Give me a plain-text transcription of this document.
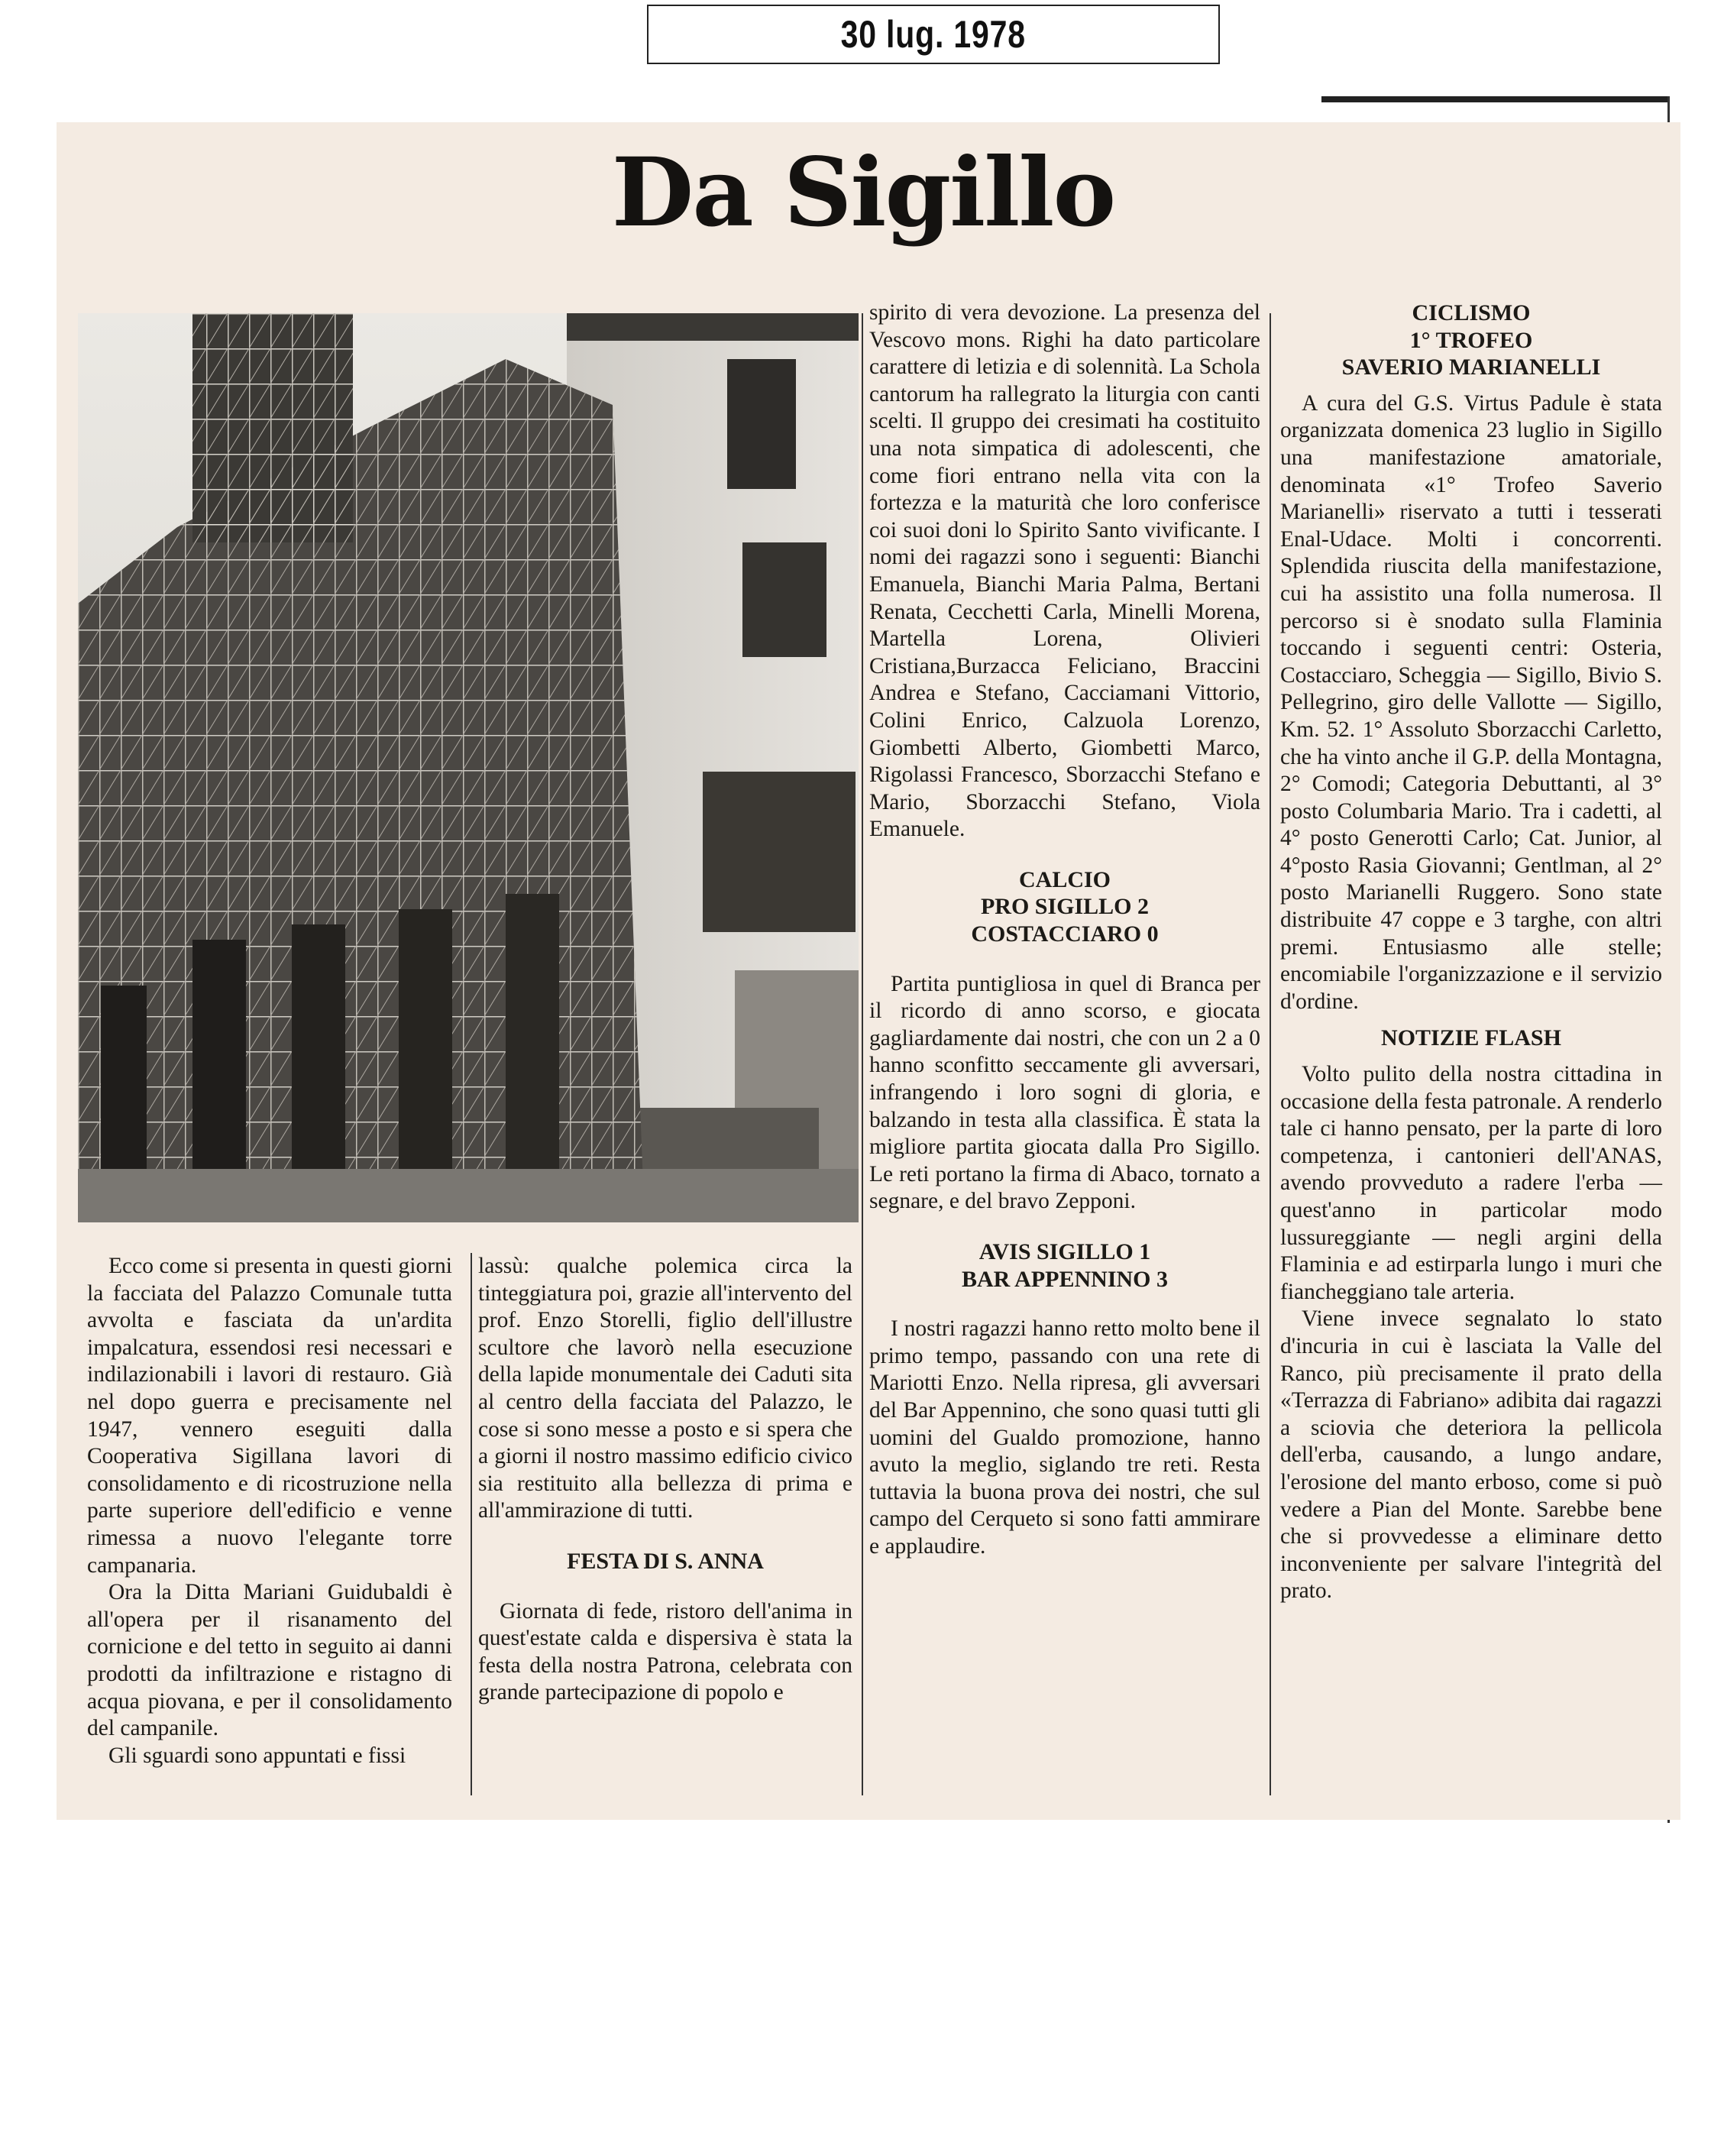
30 lug. 1978
Da Sigillo

Ecco come si presenta in questi giorni la facciata del Palazzo Comunale tutta avvolta e fasciata da un'ardita impalcatura, essendosi resi necessari e indilazionabili i lavori di restauro. Già nel dopo guerra e precisamente nel 1947, vennero eseguiti dalla Cooperativa Sigillana lavori di consolidamento e di ricostruzione nella parte superiore dell'edificio e venne rimessa a nuovo l'elegante torre campanaria.

Ora la Ditta Mariani Guidubaldi è all'opera per il risanamento del cornicione e del tetto in seguito ai danni prodotti da infiltrazione e ristagno di acqua piovana, e per il consolidamento del campanile.

Gli sguardi sono appuntati e fissi

lassù: qualche polemica circa la tinteggiatura poi, grazie all'intervento del prof. Enzo Storelli, figlio dell'illustre scultore che lavorò nella esecuzione della lapide monumentale dei Caduti sita al centro della facciata del Palazzo, le cose si sono messe a posto e si spera che a giorni il nostro massimo edificio civico sia restituito alla bellezza di prima e all'ammirazione di tutti.

FESTA DI S. ANNA

Giornata di fede, ristoro dell'anima in quest'estate calda e dispersiva è stata la festa della nostra Patrona, celebrata con grande partecipazione di popolo e

spirito di vera devozione. La presenza del Vescovo mons. Righi ha dato particolare carattere di letizia e di solennità. La Schola cantorum ha rallegrato la liturgia con canti scelti. Il gruppo dei cresimati ha costituito una nota simpatica di adolescenti, che come fiori entrano nella vita con la fortezza e la maturità che loro conferisce coi suoi doni lo Spirito Santo vivificante. I nomi dei ragazzi sono i seguenti: Bianchi Emanuela, Bianchi Maria Palma, Bertani Renata, Cecchetti Carla, Minelli Morena, Martella Lorena, Olivieri Cristiana,Burzacca Feliciano, Braccini Andrea e Stefano, Cacciamani Vittorio, Colini Enrico, Calzuola Lorenzo, Giombetti Alberto, Giombetti Marco, Rigolassi Francesco, Sborzacchi Stefano e Mario, Sborzacchi Stefano, Viola Emanuele.

CALCIO
PRO SIGILLO 2
COSTACCIARO 0

Partita puntigliosa in quel di Branca per il ricordo di anno scorso, e giocata gagliardamente dai nostri, che con un 2 a 0 hanno sconfitto seccamente gli avversari, infrangendo i loro sogni di gloria, e balzando in testa alla classifica. È stata la migliore partita giocata dalla Pro Sigillo. Le reti portano la firma di Abaco, tornato a segnare, e del bravo Zepponi.

AVIS SIGILLO 1
BAR APPENNINO 3

I nostri ragazzi hanno retto molto bene il primo tempo, passando con una rete di Mariotti Enzo. Nella ripresa, gli avversari del Bar Appennino, che sono quasi tutti gli uomini del Gualdo promozione, hanno avuto la meglio, siglando tre reti. Resta tuttavia la buona prova dei nostri, che sul campo del Cerqueto si sono fatti ammirare e applaudire.

CICLISMO
1° TROFEO
SAVERIO MARIANELLI

A cura del G.S. Virtus Padule è stata organizzata domenica 23 luglio in Sigillo una manifestazione amatoriale, denominata «1° Trofeo Saverio Marianelli» riservato a tutti i tesserati Enal-Udace. Molti i concorrenti. Splendida riuscita della manifestazione, cui ha assistito una folla numerosa. Il percorso si è snodato sulla Flaminia toccando i seguenti centri: Osteria, Costacciaro, Scheggia — Sigillo, Bivio S. Pellegrino, giro delle Vallotte — Sigillo, Km. 52. 1° Assoluto Sborzacchi Carletto, che ha vinto anche il G.P. della Montagna, 2° Comodi; Categoria Debuttanti, al 3° posto Columbaria Mario. Tra i cadetti, al 4° posto Generotti Carlo; Cat. Junior, al 4°posto Rasia Giovanni; Gentlman, al 2° posto Marianelli Ruggero. Sono state distribuite 47 coppe e 3 targhe, con altri premi. Entusiasmo alle stelle; encomiabile l'organizzazione e il servizio d'ordine.

NOTIZIE FLASH

Volto pulito della nostra cittadina in occasione della festa patronale. A renderlo tale ci hanno pensato, per la parte di loro competenza, i cantonieri dell'ANAS, avendo provveduto a radere l'erba — quest'anno in particolar modo lussureggiante — negli argini della Flaminia e ad estirparla lungo i muri che fiancheggiano tale arteria.

Viene invece segnalato lo stato d'incuria in cui è lasciata la Valle del Ranco, più precisamente il prato della «Terrazza di Fabriano» adibita dai ragazzi a sciovia che deteriora la pellicola dell'erba, causando, a lungo andare, l'erosione del manto erboso, come si può vedere a Pian del Monte. Sarebbe bene che si provvedesse a eliminare detto inconveniente per salvare l'integrità del prato.
